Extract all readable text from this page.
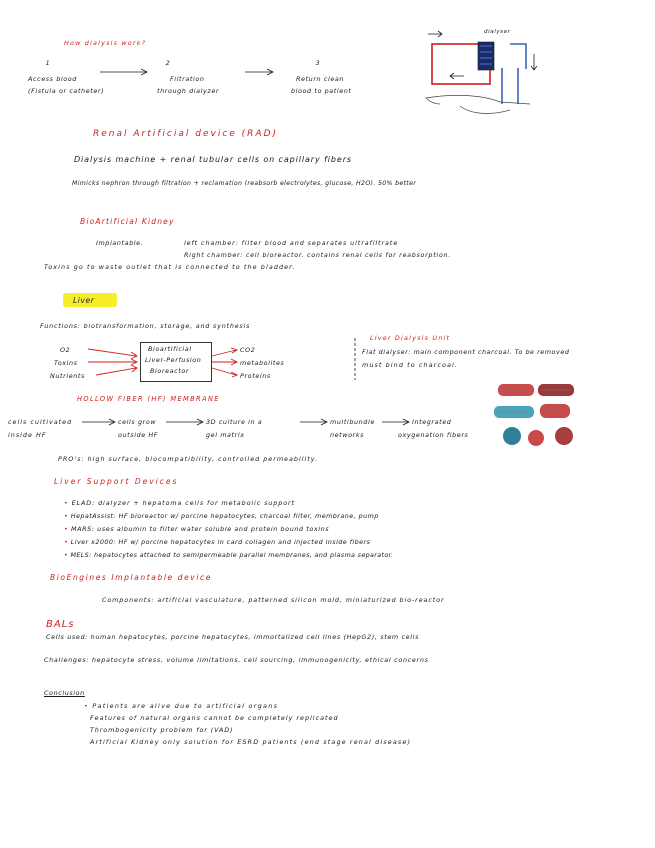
How dialysis work?
1	2	3
Access blood
(Fistula or catheter)
Filtration
through dialyzer
Return clean
blood to patient
dialyser
Renal Artificial device (RAD)
Dialysis machine + renal tubular cells on capillary fibers
Mimicks nephron through filtration + reclamation (reabsorb electrolytes, glucose, H2O). 50% better
BioArtificial Kidney
Implantable.	left chamber: filter blood and separates ultrafiltrate
Right chamber: cell bioreactor. contains renal cells for reabsorption.
Toxins go to waste outlet that is connected to the bladder.
Liver
Functions: biotransformation, storage, and synthesis
O2
Toxins
Nutrients
Bioartificial
Liver-Perfusion
Bioreactor
CO2
metabolites
Proteins
Liver Dialysis Unit
Flat dialyser: main component charcoal. To be removed
must bind to charcoal.
HOLLOW FIBER (HF) MEMBRANE
cells cultivated
inside HF
cells grow
outside HF
3D culture in a
gel matrix
multibundle
networks
Integrated
oxygenation fibers
PRO's: high surface, biocompatibility, controlled permeability.
Liver Support Devices
• ELAD: dialyzer + hepatoma cells for metabolic support
• HepatAssist: HF bioreactor w/ porcine hepatocytes, charcoal filter, membrane, pump
• MARS: uses albumin to filter water soluble and protein bound toxins
• Liver x2000: HF w/ porcine hepatocytes in card collagen and injected inside fibers
• MELS: hepatocytes attached to semipermeable parallel membranes, and plasma separator.
BioEngines Implantable device
Components: artificial vasculature, patterned silicon mold, miniaturized bio-reactor
BALs
Cells used: human hepatocytes, porcine hepatocytes, immortalized cell lines (HepG2), stem cells
Challenges: hepatocyte stress, volume limitations, cell sourcing, immunogenicity, ethical concerns
Conclusion
• Patients are alive due to artificial organs
Features of natural organs cannot be completely replicated
Thrombogenicity problem for (VAD)
Artificial Kidney only solution for ESRD patients (end stage renal disease)
